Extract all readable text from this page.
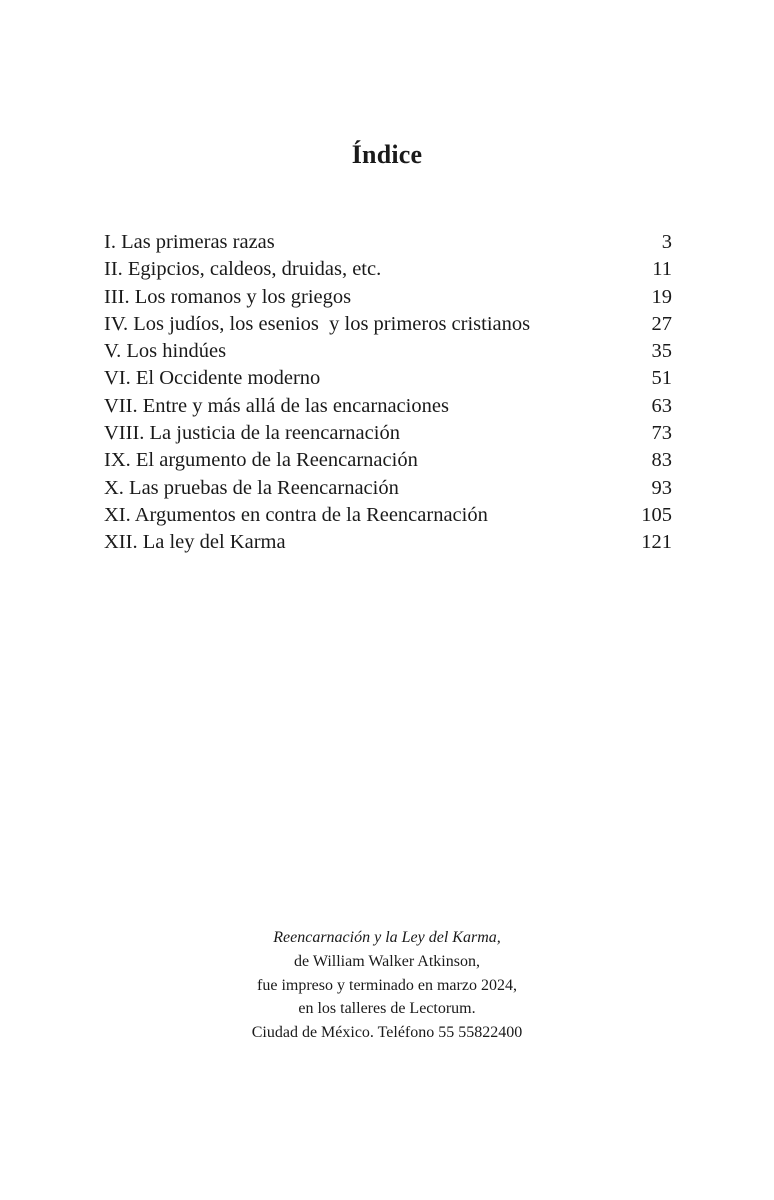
Índice
I. Las primeras razas	3
II. Egipcios, caldeos, druidas, etc.	11
III. Los romanos y los griegos	19
IV. Los judíos, los esenios  y los primeros cristianos	27
V. Los hindúes	35
VI. El Occidente moderno	51
VII. Entre y más allá de las encarnaciones	63
VIII. La justicia de la reencarnación	73
IX. El argumento de la Reencarnación	83
X. Las pruebas de la Reencarnación	93
XI. Argumentos en contra de la Reencarnación	105
XII. La ley del Karma	121
Reencarnación y la Ley del Karma,
de William Walker Atkinson,
fue impreso y terminado en marzo 2024,
en los talleres de Lectorum.
Ciudad de México. Teléfono 55 55822400
